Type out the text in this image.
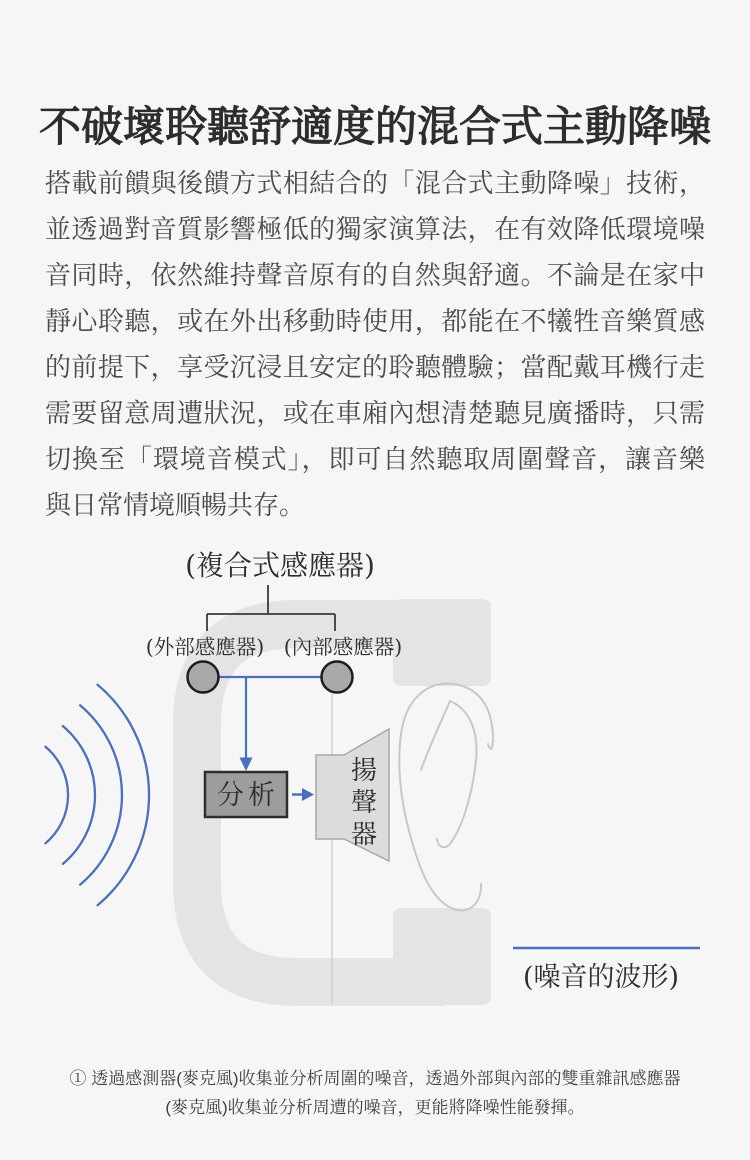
不破壞聆聽舒適度的混合式主動降噪

搭載前饋與後饋方式相結合的「混合式主動降噪」技術，並透過對音質影響極低的獨家演算法，在有效降低環境噪音同時，依然維持聲音原有的自然與舒適。不論是在家中靜心聆聽，或在外出移動時使用，都能在不犧牲音樂質感的前提下，享受沉浸且安定的聆聽體驗；當配戴耳機行走需要留意周遭狀況，或在車廂內想清楚聽見廣播時，只需切換至「環境音模式」，即可自然聽取周圍聲音，讓音樂與日常情境順暢共存。

(複合式感應器)
(外部感應器) (內部感應器)
分析
揚
聲
器
(噪音的波形)
① 透過感測器(麥克風)收集並分析周圍的噪音，透過外部與內部的雙重雜訊感應器
(麥克風)收集並分析周遭的噪音，更能將降噪性能發揮。
